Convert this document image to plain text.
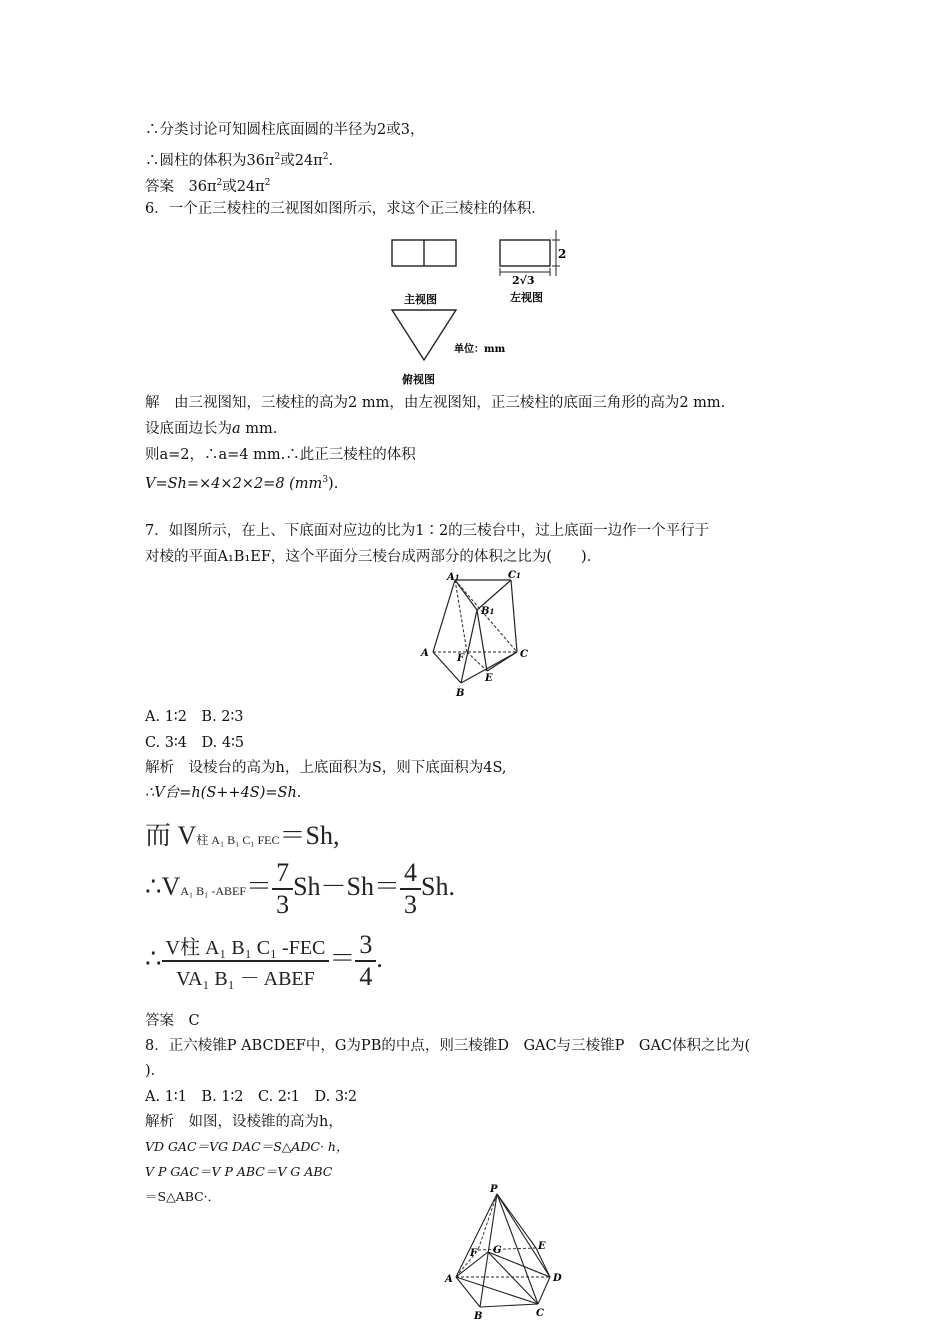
∴分类讨论可知圆柱底面圆的半径为2或3，
∴圆柱的体积为$36\pi^2$或$24\pi^2$.
答案　$36\pi^2$或$24\pi^2$
6．一个正三棱柱的三视图如图所示，求这个正三棱柱的体积．
2
2√3
左视图
主视图
单位：mm
俯视图
解　由三视图知，三棱柱的高为2 mm，由左视图知，正三棱柱的底面三角形的高为2 mm.
设底面边长为a mm.
则a=2，∴a=4 mm.∴此正三棱柱的体积
V=Sh=×4×2×2=8 $(mm^3)$.
7．如图所示，在上、下底面对应边的比为1∶2的三棱台中，过上底面一边作一个平行于
对棱的平面A₁B₁EF，这个平面分三棱台成两部分的体积之比为(　　)．
A1	C1
B1
A	F	C
E
B
A. 1∶2　B. 2∶3
C. 3∶4　D. 4∶5
解析　设棱台的高为h，上底面积为S，则下底面积为4S,
∴V台=h(S++4S)=Sh.
而 V柱 A₁ B₁ C₁ FEC＝Sh,
∴VA₁ B₁ -ABEF＝ $\frac{7}{3} Sh-Sh= \frac{4}{3} Sh$.
∴ $\frac{\text{V柱 A₁ B₁ C₁ -FEC}}{\text{VA₁ B₁ － ABEF}} = \frac{3}{4}$ .
答案　C
8．正六棱锥P ABCDEF中，G为PB的中点，则三棱锥D　GAC与三棱锥P　GAC体积之比为(
)．
A. 1∶1　B. 1∶2　C. 2∶1　D. 3∶2
解析　如图，设棱锥的高为h，
VD GAC＝VG DAC＝S△ADC· h，
V P GAC＝V P ABC＝V G ABC
＝S△ABC·．	P
F G	E
A	D
B	C
